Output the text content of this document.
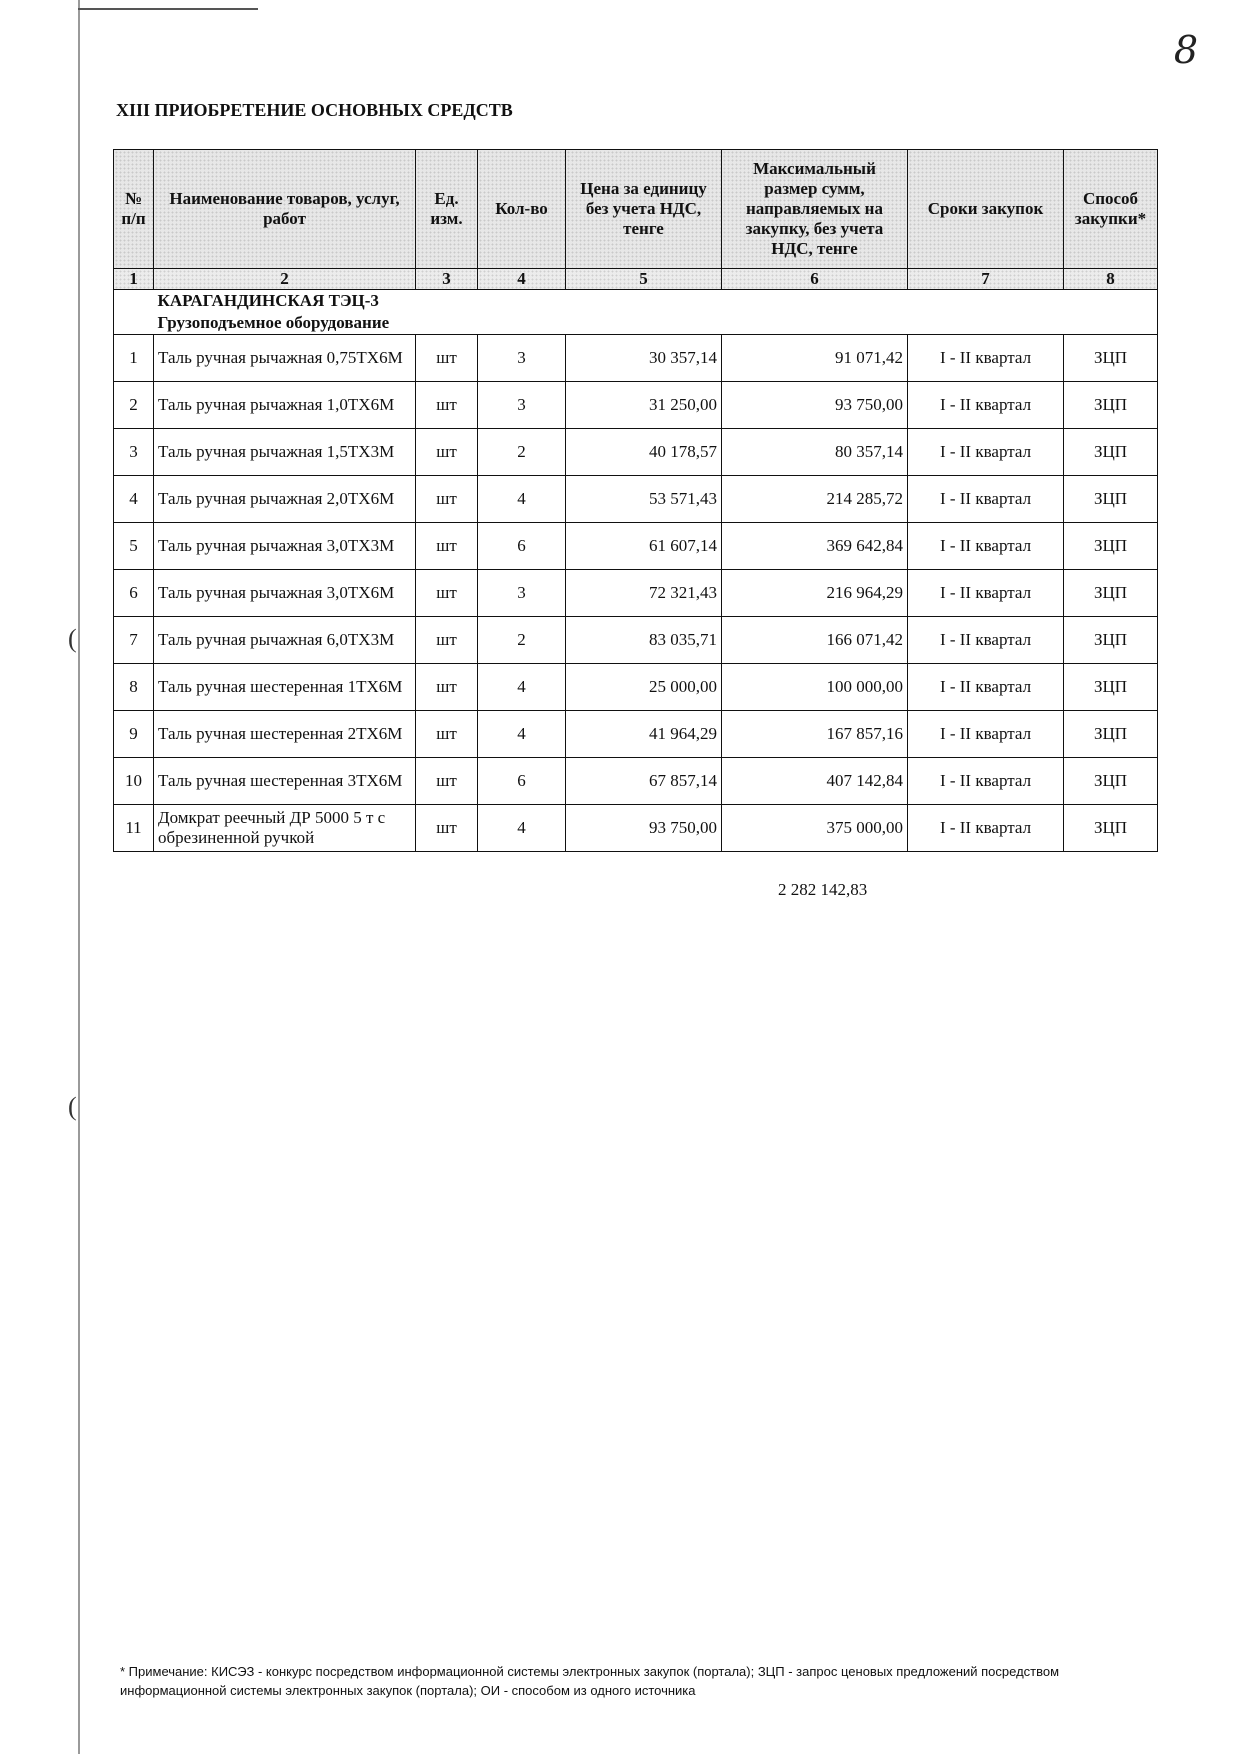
8
(
(
XIII ПРИОБРЕТЕНИЕ ОСНОВНЫХ СРЕДСТВ
№ п/п	Наименование товаров, услуг, работ	Ед. изм.	Кол-во	Цена за единицу без учета НДС, тенге	Максимальный размер сумм, направляемых на закупку, без учета НДС, тенге	Сроки закупок	Способ закупки*
1	2	3	4	5	6	7	8
	КАРАГАНДИНСКАЯ ТЭЦ-3						
	Грузоподъемное оборудование						
1	Таль ручная рычажная 0,75ТХ6М	шт	3	30 357,14	91 071,42	I - II квартал	ЗЦП
2	Таль ручная рычажная 1,0ТХ6М	шт	3	31 250,00	93 750,00	I - II квартал	ЗЦП
3	Таль ручная рычажная 1,5ТХ3М	шт	2	40 178,57	80 357,14	I - II квартал	ЗЦП
4	Таль ручная рычажная 2,0ТХ6М	шт	4	53 571,43	214 285,72	I - II квартал	ЗЦП
5	Таль ручная рычажная 3,0ТХ3М	шт	6	61 607,14	369 642,84	I - II квартал	ЗЦП
6	Таль ручная рычажная 3,0ТХ6М	шт	3	72 321,43	216 964,29	I - II квартал	ЗЦП
7	Таль ручная рычажная 6,0ТХ3М	шт	2	83 035,71	166 071,42	I - II квартал	ЗЦП
8	Таль ручная шестеренная 1ТХ6М	шт	4	25 000,00	100 000,00	I - II квартал	ЗЦП
9	Таль ручная шестеренная 2ТХ6М	шт	4	41 964,29	167 857,16	I - II квартал	ЗЦП
10	Таль ручная шестеренная 3ТХ6М	шт	6	67 857,14	407 142,84	I - II квартал	ЗЦП
11	Домкрат реечный ДР 5000 5 т с обрезиненной ручкой	шт	4	93 750,00	375 000,00	I - II квартал	ЗЦП
2 282 142,83
* Примечание: КИСЭЗ - конкурс посредством информационной системы электронных закупок (портала); ЗЦП - запрос ценовых предложений посредством информационной системы электронных закупок (портала); ОИ - способом из одного источника
